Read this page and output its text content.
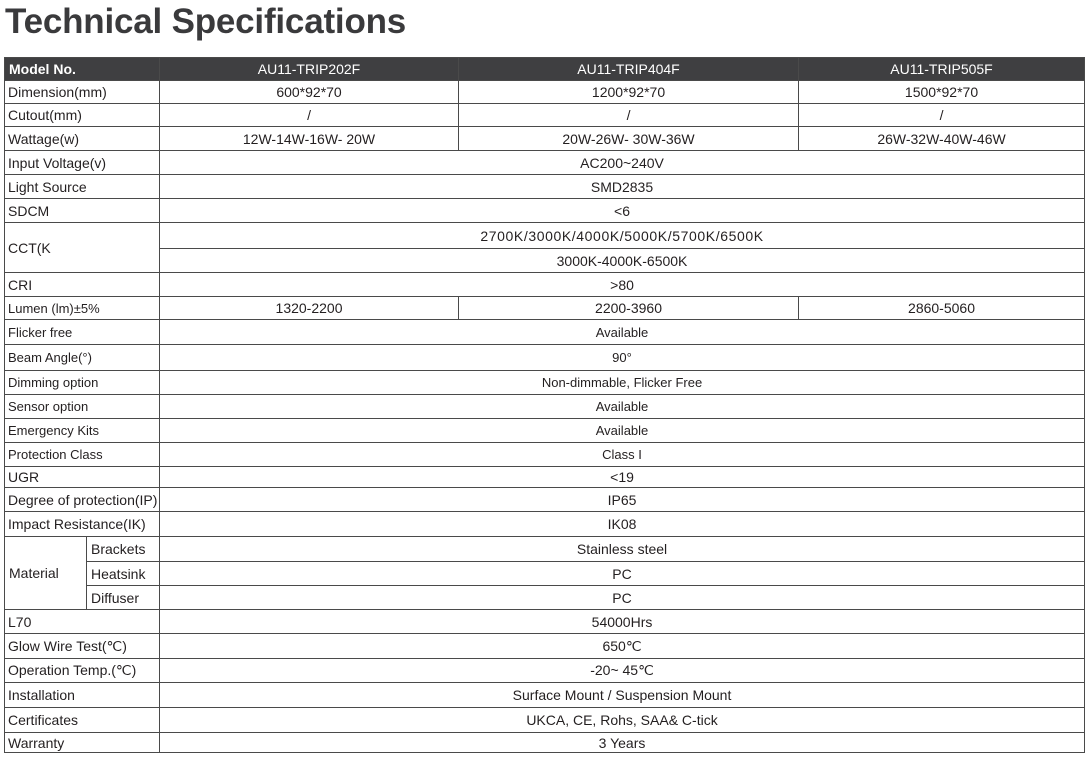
Technical Specifications
Model No.		AU11-TRIP202F	AU11-TRIP404F	AU11-TRIP505F
Dimension(mm)		600*92*70	1200*92*70	1500*92*70
Cutout(mm)		/	/	/
Wattage(w)		12W-14W-16W- 20W	20W-26W- 30W-36W	26W-32W-40W-46W
Input Voltage(v)		AC200~240V		
Light Source		SMD2835		
SDCM		<6		
CCT(K		2700K/3000K/4000K/5000K/5700K/6500K		
		3000K-4000K-6500K		
CRI		>80		
Lumen (lm)±5%		1320-2200	2200-3960	2860-5060
Flicker free		Available		
Beam Angle(°)		90°		
Dimming option		Non-dimmable, Flicker Free		
Sensor option		Available		
Emergency Kits		Available		
Protection Class		Class I		
UGR		<19		
Degree of protection(IP)		IP65		
Impact Resistance(IK)		IK08		
Material	Brackets	Stainless steel		
	Heatsink	PC		
	Diffuser	PC		
L70		54000Hrs		
Glow Wire Test(℃)		650℃		
Operation Temp.(℃)		-20~ 45℃		
Installation		Surface Mount / Suspension Mount		
Certificates		UKCA, CE, Rohs, SAA& C-tick		
Warranty		3 Years		
